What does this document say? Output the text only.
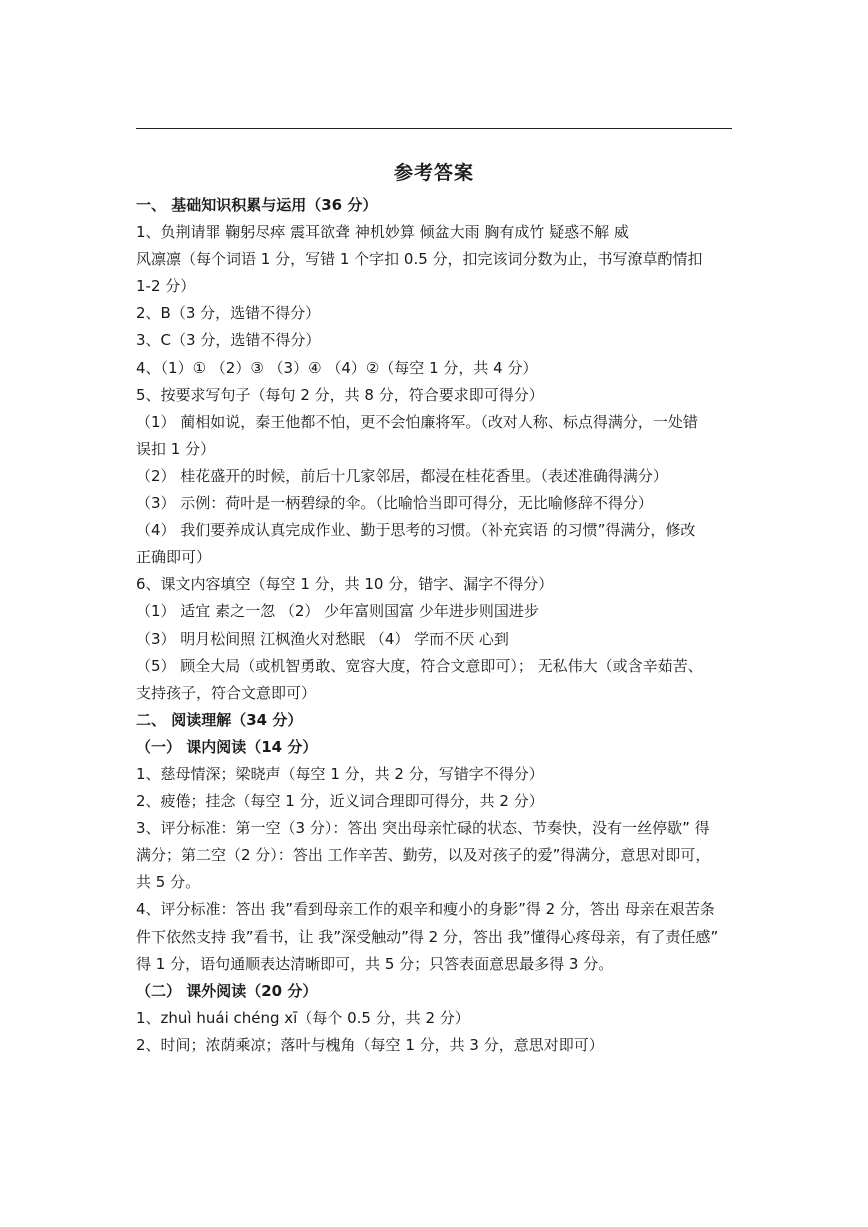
参考答案
一、 基础知识积累与运用（36 分）
1、负荆请罪 鞠躬尽瘁 震耳欲聋 神机妙算 倾盆大雨 胸有成竹 疑惑不解 威
风凛凛（每个词语 1 分，写错 1 个字扣 0.5 分，扣完该词分数为止，书写潦草酌情扣
1-2 分）
2、B（3 分，选错不得分）
3、C（3 分，选错不得分）
4、（1）① （2）③ （3）④ （4）②（每空 1 分，共 4 分）
5、按要求写句子（每句 2 分，共 8 分，符合要求即可得分）
（1） 蔺相如说，秦王他都不怕，更不会怕廉将军。（改对人称、标点得满分，一处错
误扣 1 分）
（2） 桂花盛开的时候，前后十几家邻居，都浸在桂花香里。（表述准确得满分）
（3） 示例：荷叶是一柄碧绿的伞。（比喻恰当即可得分，无比喻修辞不得分）
（4） 我们要养成认真完成作业、勤于思考的习惯。（补充宾语 的习惯”得满分，修改
正确即可）
6、课文内容填空（每空 1 分，共 10 分，错字、漏字不得分）
（1） 适宜 素之一忽 （2） 少年富则国富 少年进步则国进步
（3） 明月松间照 江枫渔火对愁眠 （4） 学而不厌 心到
（5） 顾全大局（或机智勇敢、宽容大度，符合文意即可）； 无私伟大（或含辛茹苦、
支持孩子，符合文意即可）
二、 阅读理解（34 分）
（一） 课内阅读（14 分）
1、慈母情深；梁晓声（每空 1 分，共 2 分，写错字不得分）
2、疲倦；挂念（每空 1 分，近义词合理即可得分，共 2 分）
3、评分标准：第一空（3 分）：答出 突出母亲忙碌的状态、节奏快，没有一丝停歇” 得
满分；第二空（2 分）：答出 工作辛苦、勤劳，以及对孩子的爱”得满分，意思对即可，
共 5 分。
4、评分标准：答出 我”看到母亲工作的艰辛和瘦小的身影”得 2 分，答出 母亲在艰苦条
件下依然支持 我”看书，让 我”深受触动”得 2 分，答出 我”懂得心疼母亲，有了责任感”
得 1 分，语句通顺表达清晰即可，共 5 分；只答表面意思最多得 3 分。
（二） 课外阅读（20 分）
1、zhuì huái chéng xī（每个 0.5 分，共 2 分）
2、时间；浓荫乘凉；落叶与槐角（每空 1 分，共 3 分，意思对即可）
